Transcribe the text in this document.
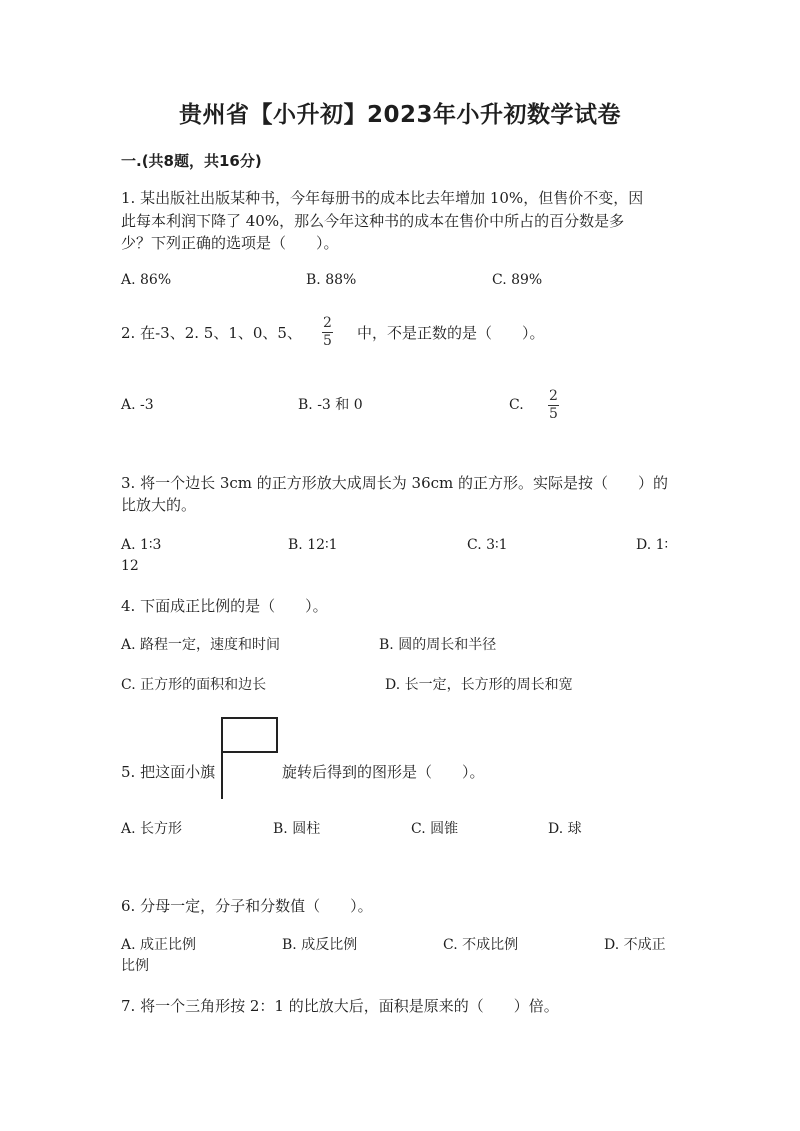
贵州省【小升初】2023年小升初数学试卷
一.(共8题，共16分)
1. 某出版社出版某种书，今年每册书的成本比去年增加 10%，但售价不变，因
此每本利润下降了 40%，那么今年这种书的成本在售价中所占的百分数是多
少？下列正确的选项是（　　）。
A. 86%	B. 88%	C. 89%
2. 在-3、2. 5、1、0、5、
2
5 中，不是正数的是（　　）。
A. -3	B. -3 和 0	C.
2
5
3. 将一个边长 3cm 的正方形放大成周长为 36cm 的正方形。实际是按（　　）的
比放大的。
A. 1∶3	B. 12∶1	C. 3∶1	D. 1∶
12
4. 下面成正比例的是（　　）。
A. 路程一定，速度和时间	B. 圆的周长和半径
C. 正方形的面积和边长	D. 长一定，长方形的周长和宽
5. 把这面小旗	旋转后得到的图形是（　　）。
A. 长方形	B. 圆柱	C. 圆锥	D. 球
6. 分母一定，分子和分数值（　　）。
A. 成正比例	B. 成反比例	C. 不成比例	D. 不成正
比例
7. 将一个三角形按 2：1 的比放大后，面积是原来的（　　）倍。
